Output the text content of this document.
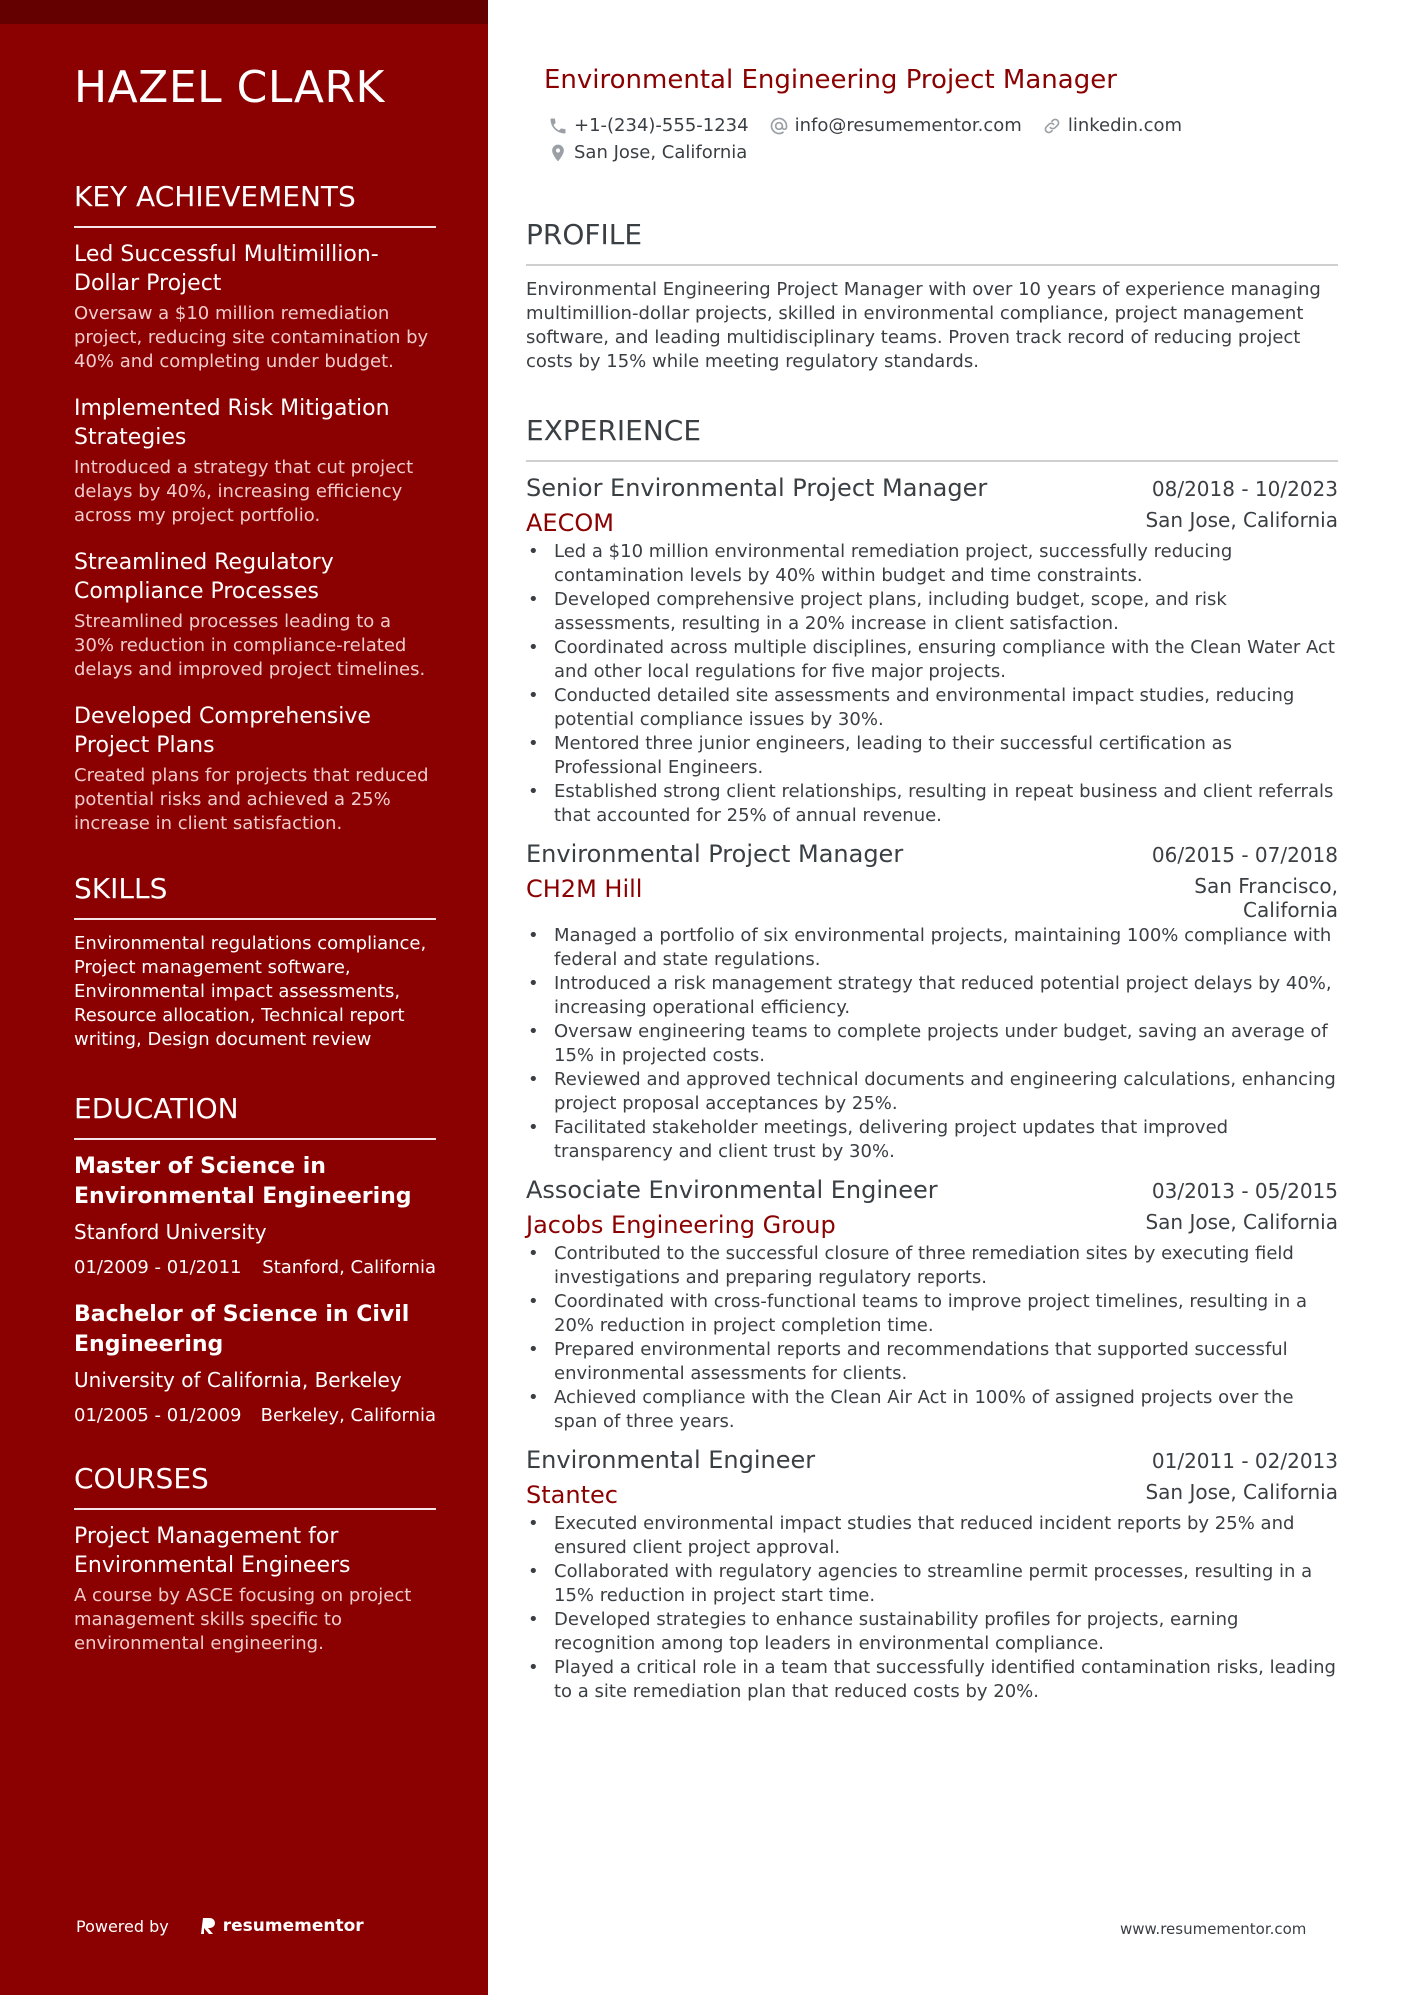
HAZEL CLARK
KEY ACHIEVEMENTS
Led Successful Multimillion-Dollar Project
Oversaw a $10 million remediation project, reducing site contamination by 40% and completing under budget.
Implemented Risk Mitigation Strategies
Introduced a strategy that cut project delays by 40%, increasing efficiency across my project portfolio.
Streamlined Regulatory Compliance Processes
Streamlined processes leading to a 30% reduction in compliance-related delays and improved project timelines.
Developed Comprehensive Project Plans
Created plans for projects that reduced potential risks and achieved a 25% increase in client satisfaction.
SKILLS
Environmental regulations compliance, Project management software, Environmental impact assessments, Resource allocation, Technical report writing, Design document review
EDUCATION
Master of Science in Environmental Engineering
Stanford University
01/2009 - 01/2011 Stanford, California
Bachelor of Science in Civil Engineering
University of California, Berkeley
01/2005 - 01/2009 Berkeley, California
COURSES
Project Management for Environmental Engineers
A course by ASCE focusing on project management skills specific to environmental engineering.
Powered by	resumementor
Environmental Engineering Project Manager
+1-(234)-555-1234	info@resumementor.com	linkedin.com
San Jose, California
PROFILE
Environmental Engineering Project Manager with over 10 years of experience managing multimillion-dollar projects, skilled in environmental compliance, project management software, and leading multidisciplinary teams. Proven track record of reducing project costs by 15% while meeting regulatory standards.
EXPERIENCE
Senior Environmental Project Manager	08/2018 - 10/2023
AECOM	San Jose, California
• Led a $10 million environmental remediation project, successfully reducing contamination levels by 40% within budget and time constraints.
• Developed comprehensive project plans, including budget, scope, and risk assessments, resulting in a 20% increase in client satisfaction.
• Coordinated across multiple disciplines, ensuring compliance with the Clean Water Act and other local regulations for five major projects.
• Conducted detailed site assessments and environmental impact studies, reducing potential compliance issues by 30%.
• Mentored three junior engineers, leading to their successful certification as Professional Engineers.
• Established strong client relationships, resulting in repeat business and client referrals that accounted for 25% of annual revenue.
Environmental Project Manager	06/2015 - 07/2018
CH2M Hill	San Francisco, California
• Managed a portfolio of six environmental projects, maintaining 100% compliance with federal and state regulations.
• Introduced a risk management strategy that reduced potential project delays by 40%, increasing operational efficiency.
• Oversaw engineering teams to complete projects under budget, saving an average of 15% in projected costs.
• Reviewed and approved technical documents and engineering calculations, enhancing project proposal acceptances by 25%.
• Facilitated stakeholder meetings, delivering project updates that improved transparency and client trust by 30%.
Associate Environmental Engineer	03/2013 - 05/2015
Jacobs Engineering Group	San Jose, California
• Contributed to the successful closure of three remediation sites by executing field investigations and preparing regulatory reports.
• Coordinated with cross-functional teams to improve project timelines, resulting in a 20% reduction in project completion time.
• Prepared environmental reports and recommendations that supported successful environmental assessments for clients.
• Achieved compliance with the Clean Air Act in 100% of assigned projects over the span of three years.
Environmental Engineer	01/2011 - 02/2013
Stantec	San Jose, California
• Executed environmental impact studies that reduced incident reports by 25% and ensured client project approval.
• Collaborated with regulatory agencies to streamline permit processes, resulting in a 15% reduction in project start time.
• Developed strategies to enhance sustainability profiles for projects, earning recognition among top leaders in environmental compliance.
• Played a critical role in a team that successfully identified contamination risks, leading to a site remediation plan that reduced costs by 20%.
www.resumementor.com
